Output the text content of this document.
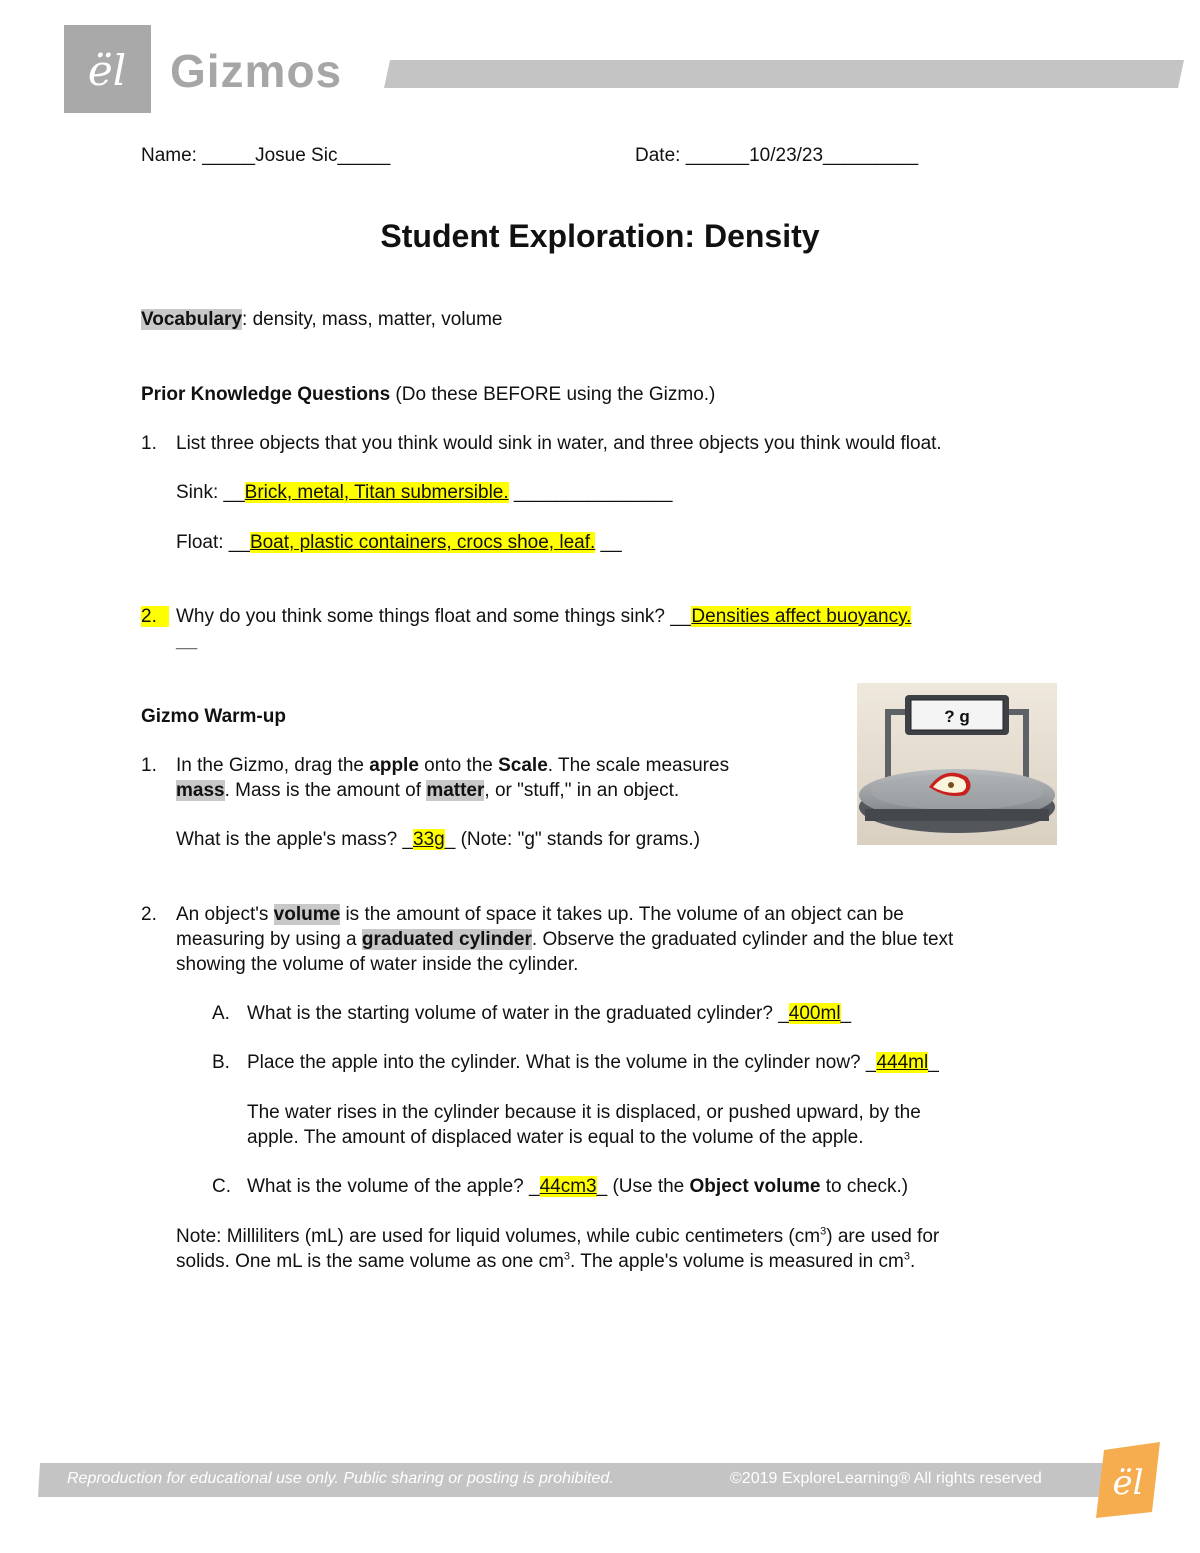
ël Gizmos
Name: _____Josue Sic_____	Date: ______10/23/23_________
Student Exploration: Density
Vocabulary: density, mass, matter, volume
Prior Knowledge Questions (Do these BEFORE using the Gizmo.)
1. List three objects that you think would sink in water, and three objects you think would float.
Sink: __Brick, metal, Titan submersible. _______________
Float: __Boat, plastic containers, crocs shoe, leaf. __
2. Why do you think some things float and some things sink? __Densities affect buoyancy.
__
Gizmo Warm-up	? g
1. In the Gizmo, drag the apple onto the Scale. The scale measures
mass. Mass is the amount of matter, or "stuff," in an object.
What is the apple's mass? _33g_ (Note: "g" stands for grams.)
2. An object's volume is the amount of space it takes up. The volume of an object can be
measuring by using a graduated cylinder. Observe the graduated cylinder and the blue text
showing the volume of water inside the cylinder.
A. What is the starting volume of water in the graduated cylinder? _400ml_
B. Place the apple into the cylinder. What is the volume in the cylinder now? _444ml_
The water rises in the cylinder because it is displaced, or pushed upward, by the
apple. The amount of displaced water is equal to the volume of the apple.
C. What is the volume of the apple? _44cm3_ (Use the Object volume to check.)
Note: Milliliters (mL) are used for liquid volumes, while cubic centimeters $(cm^3)$ are used for
solids. One mL is the same volume as one $cm^3$. The apple's volume is measured in $cm^3$.
Reproduction for educational use only. Public sharing or posting is prohibited.	©2019 ExploreLearning® All rights reserved ël
